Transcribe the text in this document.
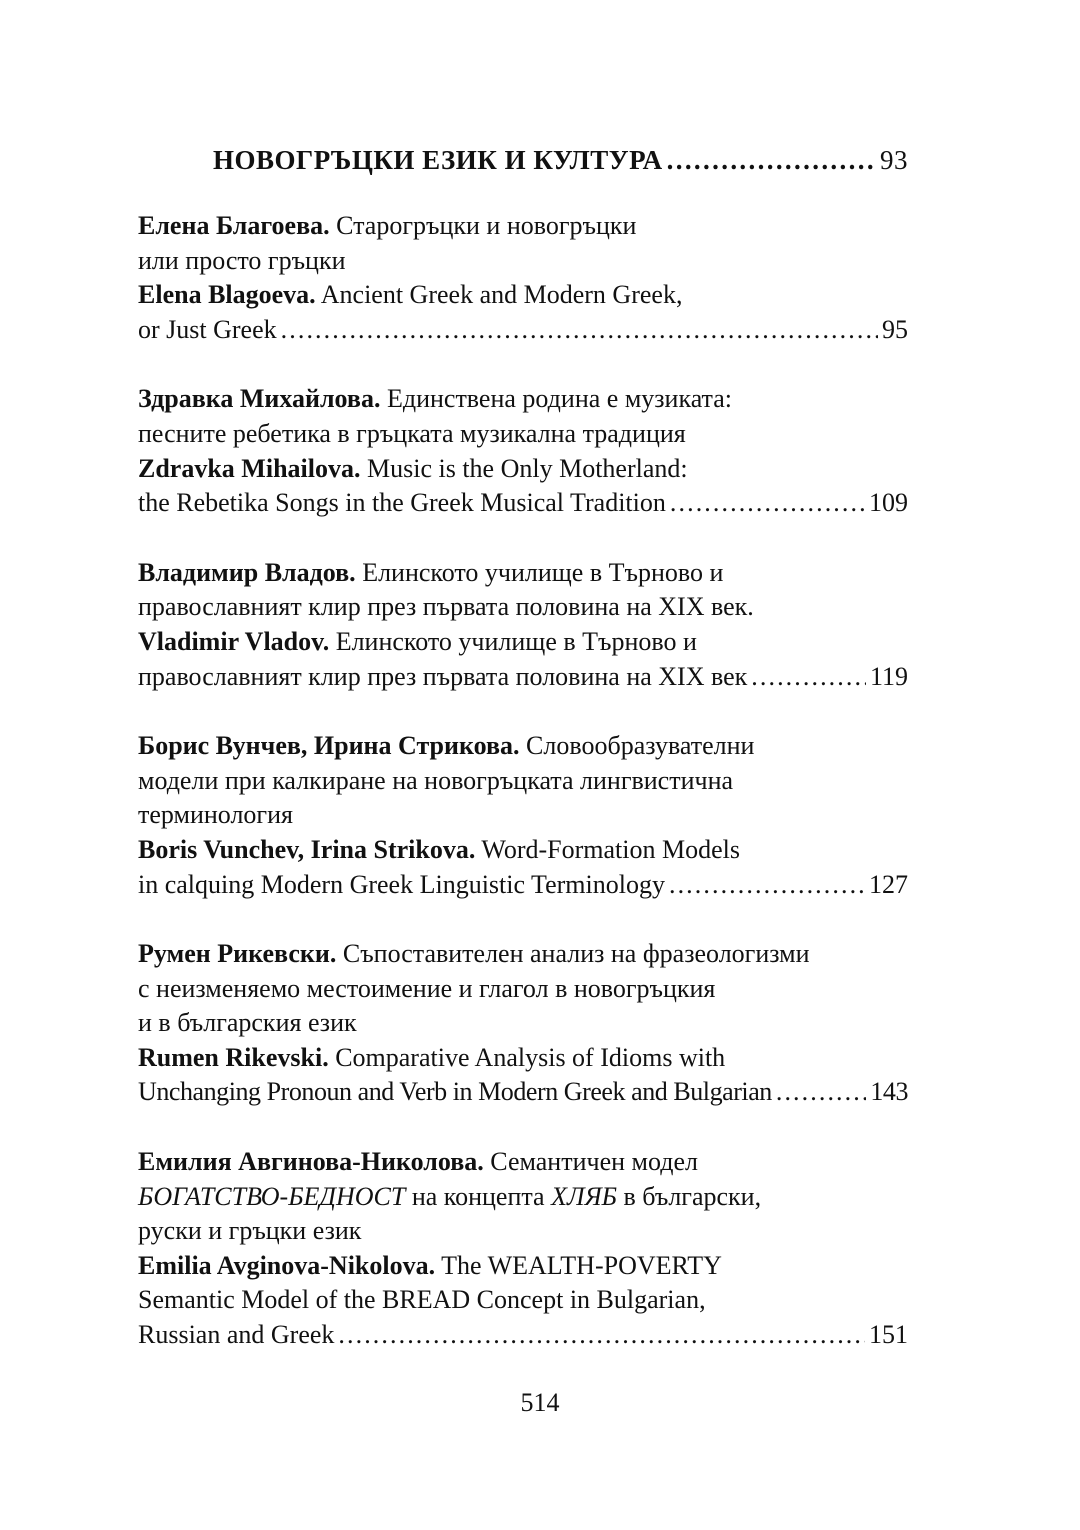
НОВОГРЪЦКИ ЕЗИК И КУЛТУРА . . .	93
Елена Благоева. Старогръцки и новогръцки
или просто гръцки
Elena Blagoeva. Ancient Greek and Modern Greek,
or Just Greek . . .	95
Здравка Михайлова. Единствена родина е музиката:
песните ребетика в гръцката музикална традиция
Zdravka Mihailova. Music is the Only Motherland:
the Rebetika Songs in the Greek Musical Tradition . . .	109
Владимир Владов. Елинското училище в Търново и
православният клир през първата половина на XIX век.
Vladimir Vladov. Елинското училище в Търново и
православният клир през първата половина на XIX век . . .	119
Борис Вунчев, Ирина Стрикова. Словообразувателни
модели при калкиране на новогръцката лингвистична
терминология
Boris Vunchev, Irina Strikova. Word-Formation Models
in calquing Modern Greek Linguistic Terminology . . .	127
Румен Рикевски. Съпоставителен анализ на фразеологизми
с неизменяемо местоимение и глагол в новогръцкия
и в българския език
Rumen Rikevski. Comparative Analysis of Idioms with
Unchanging Pronoun and Verb in Modern Greek and Bulgarian . . .	143
Емилия Авгинова-Николова. Семантичен модел
БОГАТСТВО-БЕДНОСТ на концепта ХЛЯБ в български,
руски и гръцки език
Emilia Avginova-Nikolova. The WEALTH-POVERTY
Semantic Model of the BREAD Concept in Bulgarian,
Russian and Greek . . .	151
514
